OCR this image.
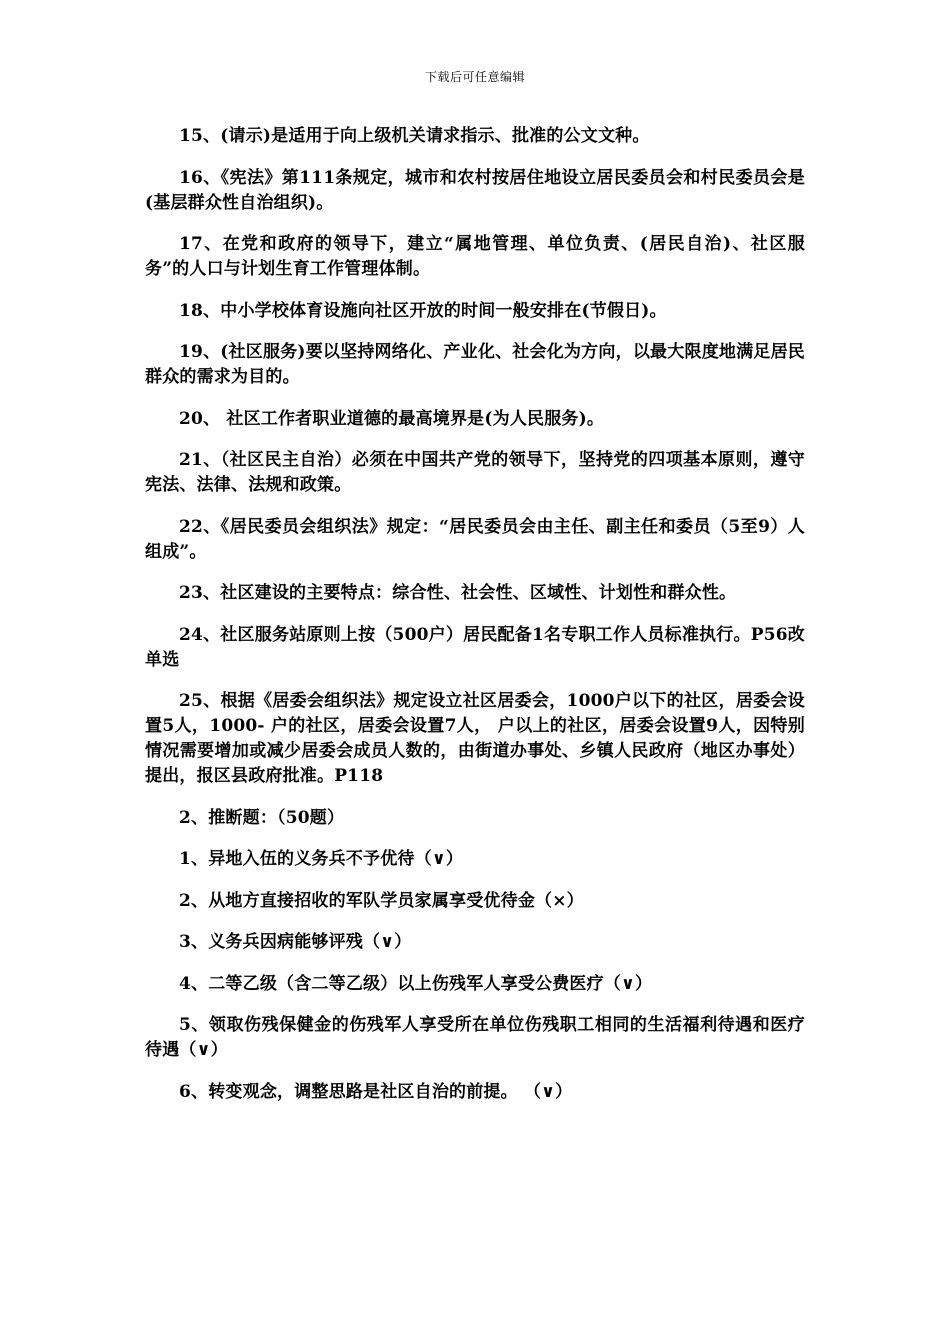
下载后可任意编辑

15、(请示)是适用于向上级机关请求指示、批准的公文文种。

16、《宪法》第111条规定，城市和农村按居住地设立居民委员会和村民委员会是(基层群众性自治组织)。

17、在党和政府的领导下，建立“属地管理、单位负责、(居民自治)、社区服务”的人口与计划生育工作管理体制。

18、中小学校体育设施向社区开放的时间一般安排在(节假日)。

19、(社区服务)要以坚持网络化、产业化、社会化为方向，以最大限度地满足居民群众的需求为目的。

20、 社区工作者职业道德的最高境界是(为人民服务)。

21、（社区民主自治）必须在中国共产党的领导下，坚持党的四项基本原则，遵守宪法、法律、法规和政策。

22、《居民委员会组织法》规定：“居民委员会由主任、副主任和委员（5至9）人组成”。

23、社区建设的主要特点：综合性、社会性、区域性、计划性和群众性。

24、社区服务站原则上按（500户）居民配备1名专职工作人员标准执行。P56改单选

25、根据《居委会组织法》规定设立社区居委会，1000户以下的社区，居委会设置5人，1000- 户的社区，居委会设置7人， 户以上的社区，居委会设置9人，因特别情况需要增加或减少居委会成员人数的，由街道办事处、乡镇人民政府（地区办事处）提出，报区县政府批准。P118

2、推断题：（50题）

1、异地入伍的义务兵不予优待（∨）

2、从地方直接招收的军队学员家属享受优待金（×）

3、义务兵因病能够评残（∨）

4、二等乙级（含二等乙级）以上伤残军人享受公费医疗（∨）

5、领取伤残保健金的伤残军人享受所在单位伤残职工相同的生活福利待遇和医疗待遇（∨）

6、转变观念，调整思路是社区自治的前提。 （∨）
